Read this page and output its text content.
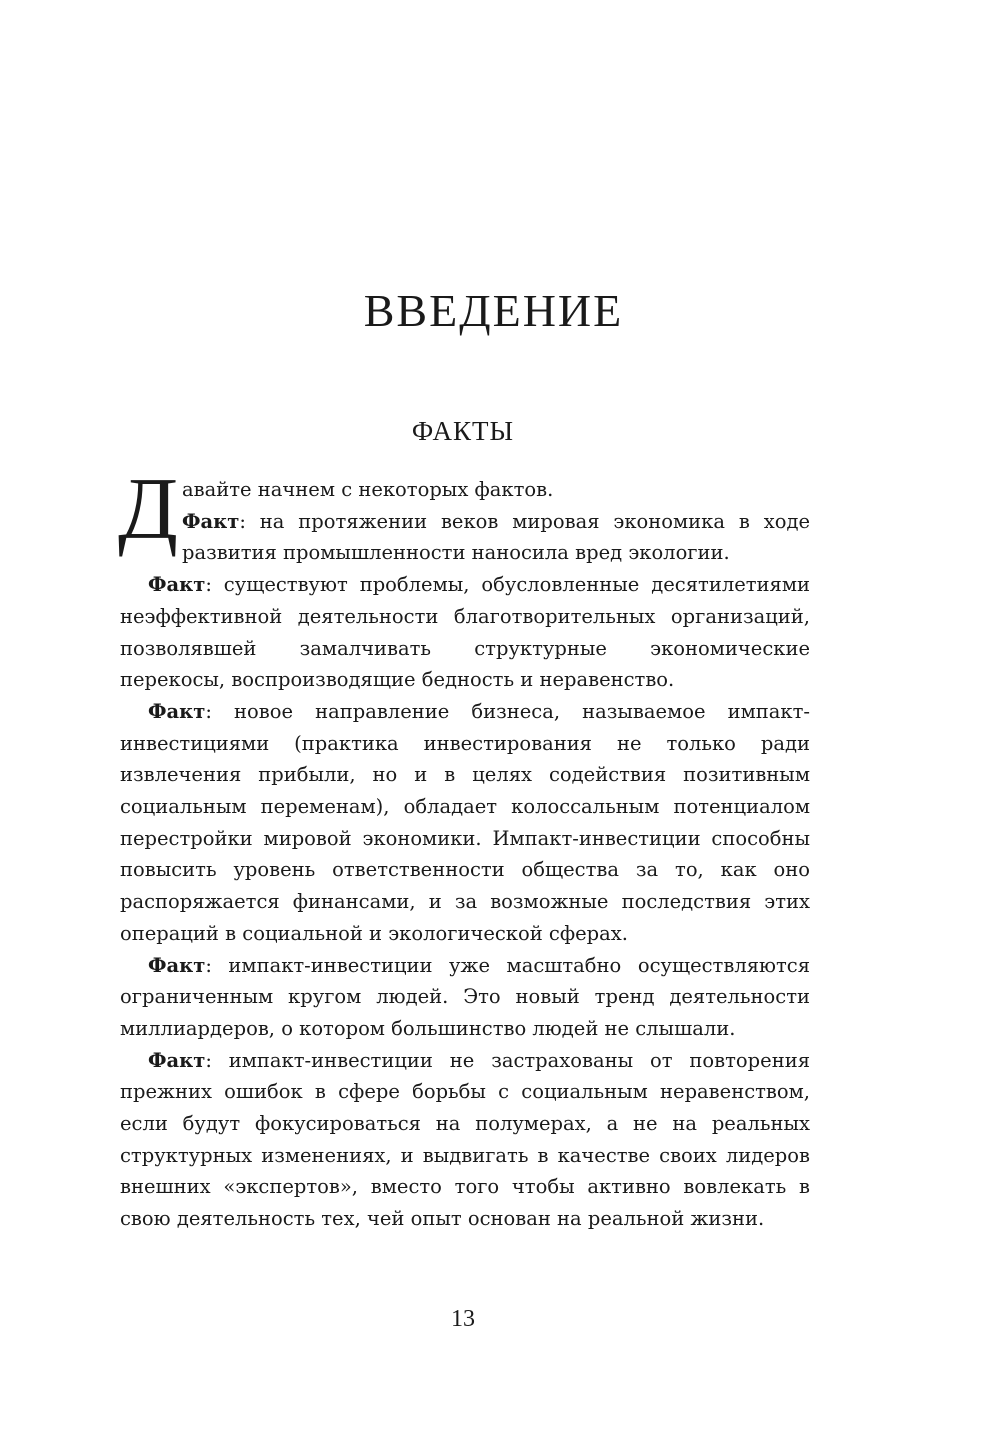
ВВЕДЕНИЕ
ФАКТЫ

Давайте начнем с некоторых фактов.
Факт: на протяжении веков мировая экономика в ходе развития промышленности наносила вред экологии.

Факт: существуют проблемы, обусловленные десятилетиями неэффективной деятельности благотворительных организаций, позволявшей замалчивать структурные экономические перекосы, воспроизводящие бедность и неравенство.

Факт: новое направление бизнеса, называемое импакт-инвестициями (практика инвестирования не только ради извлечения прибыли, но и в целях содействия позитивным социальным переменам), обладает колоссальным потенциалом перестройки мировой экономики. Импакт-инвестиции способны повысить уровень ответственности общества за то, как оно распоряжается финансами, и за возможные последствия этих операций в социальной и экологической сферах.

Факт: импакт-инвестиции уже масштабно осуществляются ограниченным кругом людей. Это новый тренд деятельности миллиардеров, о котором большинство людей не слышали.

Факт: импакт-инвестиции не застрахованы от повторения прежних ошибок в сфере борьбы с социальным неравенством, если будут фокусироваться на полумерах, а не на реальных структурных изменениях, и выдвигать в качестве своих лидеров внешних «экспертов», вместо того чтобы активно вовлекать в свою деятельность тех, чей опыт основан на реальной жизни.

13
